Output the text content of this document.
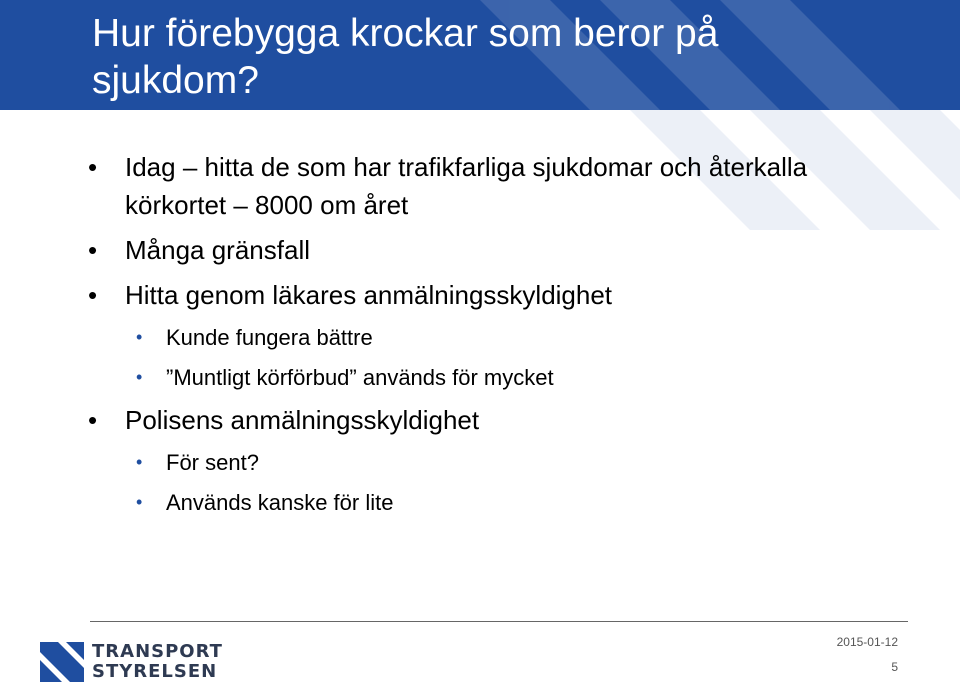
Hur förebygga krockar som beror på sjukdom?
• Idag – hitta de som har trafikfarliga sjukdomar och återkalla körkortet – 8000 om året
• Många gränsfall
• Hitta genom läkares anmälningsskyldighet
• Kunde fungera bättre
• ”Muntligt körförbud” används för mycket
• Polisens anmälningsskyldighet
• För sent?
• Används kanske för lite
TRANSPORT
STYRELSEN
2015-01-12
5
